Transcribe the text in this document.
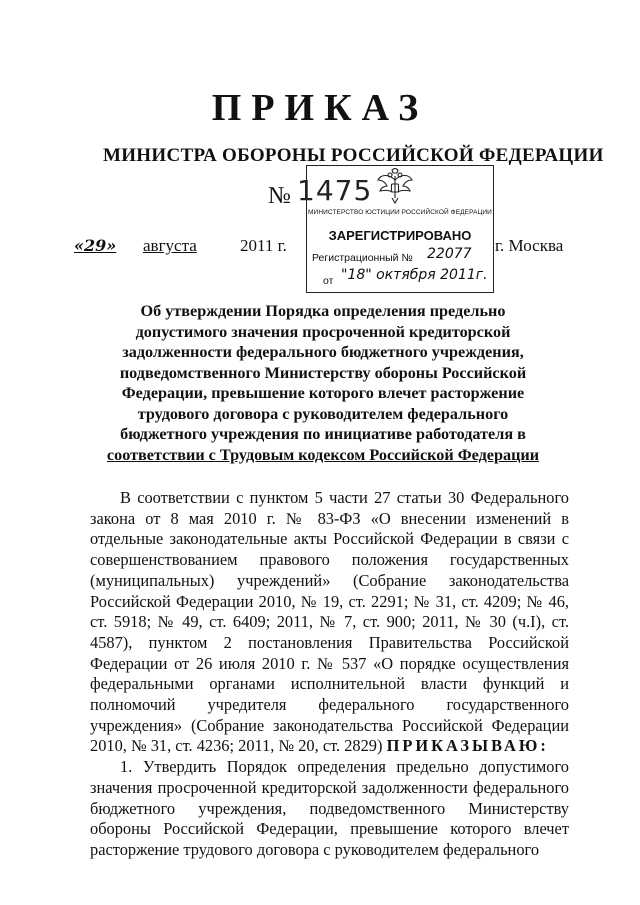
ПРИКАЗ
МИНИСТРА ОБОРОНЫ РОССИЙСКОЙ ФЕДЕРАЦИИ
№ 1475
МИНИСТЕРСТВО ЮСТИЦИИ РОССИЙСКОЙ ФЕДЕРАЦИИ
ЗАРЕГИСТРИРОВАНО
Регистрационный № 22077
от "18" октября 2011г.
«29» августа	2011 г.	г. Москва
Об утверждении Порядка определения предельно
допустимого значения просроченной кредиторской
задолженности федерального бюджетного учреждения,
подведомственного Министерству обороны Российской
Федерации, превышение которого влечет расторжение
трудового договора с руководителем федерального
бюджетного учреждения по инициативе работодателя в
соответствии с Трудовым кодексом Российской Федерации

В соответствии с пунктом 5 части 27 статьи 30 Федерального закона от 8 мая 2010 г. № 83-ФЗ «О внесении изменений в отдельные законодательные акты Российской Федерации в связи с совершенствованием правового положения государственных (муниципальных) учреждений» (Собрание законодательства Российской Федерации 2010, № 19, ст. 2291; № 31, ст. 4209; № 46, ст. 5918; № 49, ст. 6409; 2011, № 7, ст. 900; 2011, № 30 (ч.I), ст. 4587), пунктом 2 постановления Правительства Российской Федерации от 26 июля 2010 г. № 537 «О порядке осуществления федеральными органами исполнительной власти функций и полномочий учредителя федерального государственного учреждения» (Собрание законодательства Российской Федерации 2010, № 31, ст. 4236; 2011, № 20, ст. 2829) ПРИКАЗЫВАЮ:

1. Утвердить Порядок определения предельно допустимого значения просроченной кредиторской задолженности федерального бюджетного учреждения, подведомственного Министерству обороны Российской Федерации, превышение которого влечет расторжение трудового договора с руководителем федерального
